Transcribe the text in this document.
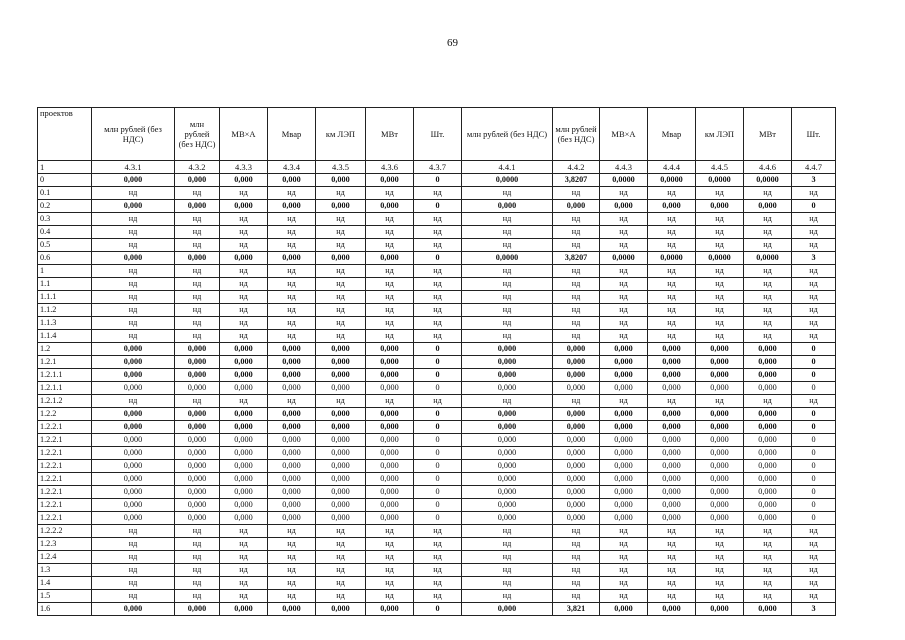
69
проектов	млн рублей (без НДС)	млн рублей (без НДС)	МВ×А	Мвар	км ЛЭП	МВт	Шт.	млн рублей (без НДС)	млн рублей (без НДС)	МВ×А	Мвар	км ЛЭП	МВт	Шт.
1	4.3.1	4.3.2	4.3.3	4.3.4	4.3.5	4.3.6	4.3.7	4.4.1	4.4.2	4.4.3	4.4.4	4.4.5	4.4.6	4.4.7
0	0,000	0,000	0,000	0,000	0,000	0,000	0	0,0000	3,8207	0,0000	0,0000	0,0000	0,0000	3
0.1	нд	нд	нд	нд	нд	нд	нд	нд	нд	нд	нд	нд	нд	нд
0.2	0,000	0,000	0,000	0,000	0,000	0,000	0	0,000	0,000	0,000	0,000	0,000	0,000	0
0.3	нд	нд	нд	нд	нд	нд	нд	нд	нд	нд	нд	нд	нд	нд
0.4	нд	нд	нд	нд	нд	нд	нд	нд	нд	нд	нд	нд	нд	нд
0.5	нд	нд	нд	нд	нд	нд	нд	нд	нд	нд	нд	нд	нд	нд
0.6	0,000	0,000	0,000	0,000	0,000	0,000	0	0,0000	3,8207	0,0000	0,0000	0,0000	0,0000	3
1	нд	нд	нд	нд	нд	нд	нд	нд	нд	нд	нд	нд	нд	нд
1.1	нд	нд	нд	нд	нд	нд	нд	нд	нд	нд	нд	нд	нд	нд
1.1.1	нд	нд	нд	нд	нд	нд	нд	нд	нд	нд	нд	нд	нд	нд
1.1.2	нд	нд	нд	нд	нд	нд	нд	нд	нд	нд	нд	нд	нд	нд
1.1.3	нд	нд	нд	нд	нд	нд	нд	нд	нд	нд	нд	нд	нд	нд
1.1.4	нд	нд	нд	нд	нд	нд	нд	нд	нд	нд	нд	нд	нд	нд
1.2	0,000	0,000	0,000	0,000	0,000	0,000	0	0,000	0,000	0,000	0,000	0,000	0,000	0
1.2.1	0,000	0,000	0,000	0,000	0,000	0,000	0	0,000	0,000	0,000	0,000	0,000	0,000	0
1.2.1.1	0,000	0,000	0,000	0,000	0,000	0,000	0	0,000	0,000	0,000	0,000	0,000	0,000	0
1.2.1.1	0,000	0,000	0,000	0,000	0,000	0,000	0	0,000	0,000	0,000	0,000	0,000	0,000	0
1.2.1.2	нд	нд	нд	нд	нд	нд	нд	нд	нд	нд	нд	нд	нд	нд
1.2.2	0,000	0,000	0,000	0,000	0,000	0,000	0	0,000	0,000	0,000	0,000	0,000	0,000	0
1.2.2.1	0,000	0,000	0,000	0,000	0,000	0,000	0	0,000	0,000	0,000	0,000	0,000	0,000	0
1.2.2.1	0,000	0,000	0,000	0,000	0,000	0,000	0	0,000	0,000	0,000	0,000	0,000	0,000	0
1.2.2.1	0,000	0,000	0,000	0,000	0,000	0,000	0	0,000	0,000	0,000	0,000	0,000	0,000	0
1.2.2.1	0,000	0,000	0,000	0,000	0,000	0,000	0	0,000	0,000	0,000	0,000	0,000	0,000	0
1.2.2.1	0,000	0,000	0,000	0,000	0,000	0,000	0	0,000	0,000	0,000	0,000	0,000	0,000	0
1.2.2.1	0,000	0,000	0,000	0,000	0,000	0,000	0	0,000	0,000	0,000	0,000	0,000	0,000	0
1.2.2.1	0,000	0,000	0,000	0,000	0,000	0,000	0	0,000	0,000	0,000	0,000	0,000	0,000	0
1.2.2.1	0,000	0,000	0,000	0,000	0,000	0,000	0	0,000	0,000	0,000	0,000	0,000	0,000	0
1.2.2.2	нд	нд	нд	нд	нд	нд	нд	нд	нд	нд	нд	нд	нд	нд
1.2.3	нд	нд	нд	нд	нд	нд	нд	нд	нд	нд	нд	нд	нд	нд
1.2.4	нд	нд	нд	нд	нд	нд	нд	нд	нд	нд	нд	нд	нд	нд
1.3	нд	нд	нд	нд	нд	нд	нд	нд	нд	нд	нд	нд	нд	нд
1.4	нд	нд	нд	нд	нд	нд	нд	нд	нд	нд	нд	нд	нд	нд
1.5	нд	нд	нд	нд	нд	нд	нд	нд	нд	нд	нд	нд	нд	нд
1.6	0,000	0,000	0,000	0,000	0,000	0,000	0	0,000	3,821	0,000	0,000	0,000	0,000	3
